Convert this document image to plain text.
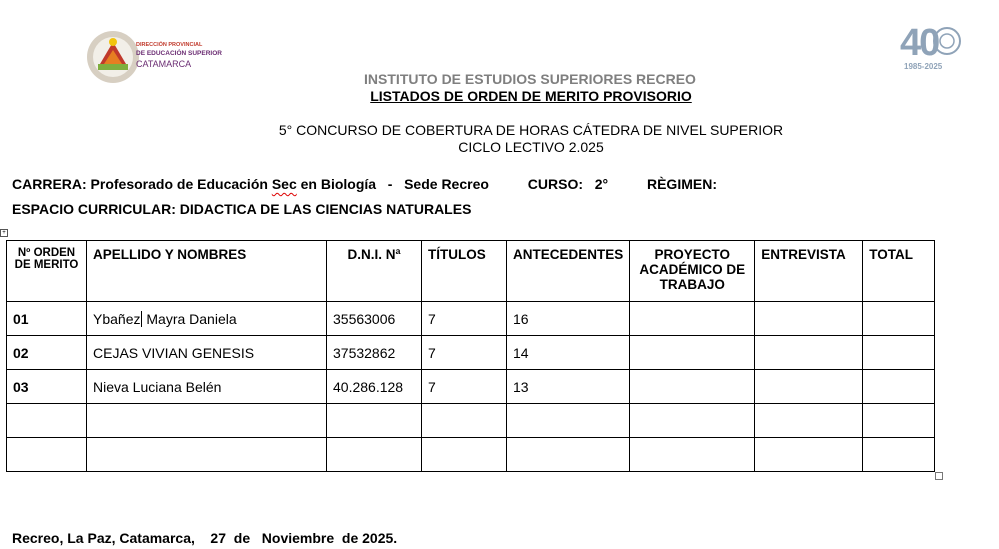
DIRECCIÓN PROVINCIAL
DE EDUCACIÓN SUPERIOR
CATAMARCA	40
1985-2025
INSTITUTO DE ESTUDIOS SUPERIORES RECREO
LISTADOS DE ORDEN DE MERITO PROVISORIO
5° CONCURSO DE COBERTURA DE HORAS CÁTEDRA DE NIVEL SUPERIOR
CICLO LECTIVO 2.025
CARRERA: Profesorado de Educación Sec en Biología   -   Sede Recreo          CURSO:   2°          RÈGIMEN:
ESPACIO CURRICULAR: DIDACTICA DE LAS CIENCIAS NATURALES
+
Nº ORDEN DE MERITO	APELLIDO Y NOMBRES	D.N.I. Nª	TÍTULOS	ANTECEDENTES	PROYECTO ACADÉMICO DE TRABAJO	ENTREVISTA	TOTAL
01	Ybañez Mayra Daniela	35563006	7	16			
02	CEJAS VIVIAN GENESIS	37532862	7	14			
03	Nieva Luciana Belén	40.286.128	7	13			

Recreo, La Paz, Catamarca,    27  de   Noviembre  de 2025.
